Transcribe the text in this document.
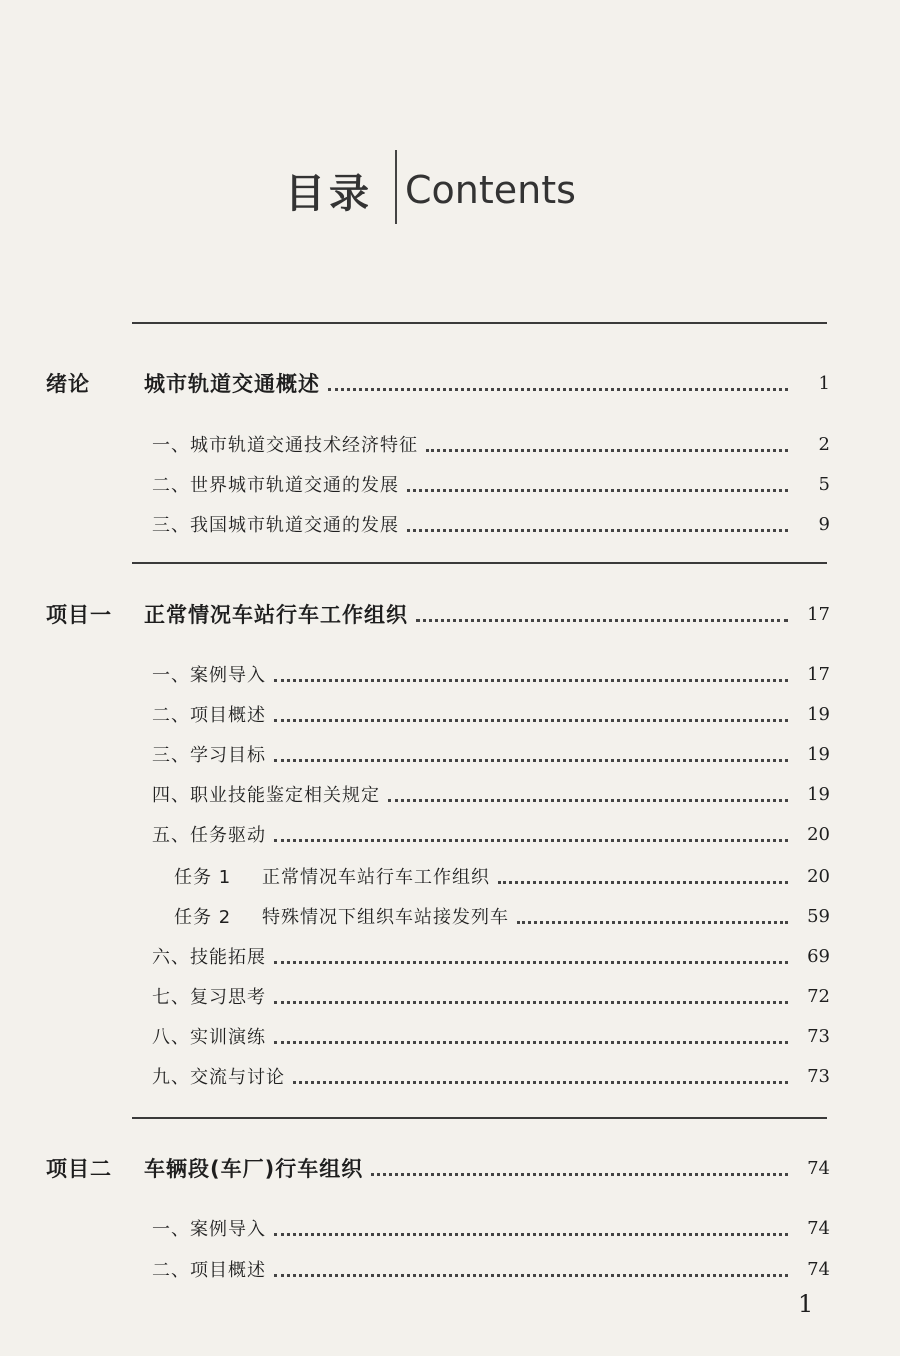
目录 Contents
绪论	城市轨道交通概述	1
一、城市轨道交通技术经济特征	2
二、世界城市轨道交通的发展	5
三、我国城市轨道交通的发展	9
项目一 正常情况车站行车工作组织	17
一、案例导入	17
二、项目概述	19
三、学习目标	19
四、职业技能鉴定相关规定	19
五、任务驱动	20
任务 1 正常情况车站行车工作组织	20
任务 2 特殊情况下组织车站接发列车	59
六、技能拓展	69
七、复习思考	72
八、实训演练	73
九、交流与讨论	73
项目二 车辆段(车厂)行车组织	74
一、案例导入	74
二、项目概述	74
1
